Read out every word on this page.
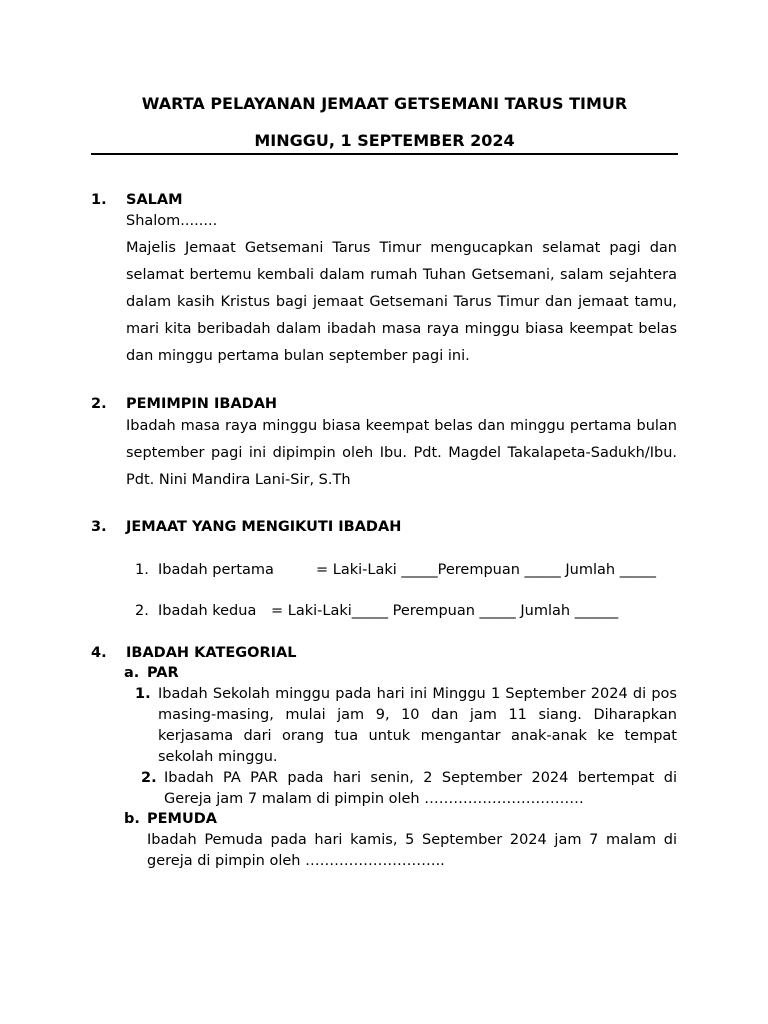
WARTA PELAYANAN JEMAAT GETSEMANI TARUS TIMUR
MINGGU, 1 SEPTEMBER 2024
1. SALAM
Shalom........

Majelis Jemaat Getsemani Tarus Timur mengucapkan selamat pagi dan selamat bertemu kembali dalam rumah Tuhan Getsemani, salam sejahtera dalam kasih Kristus bagi jemaat Getsemani Tarus Timur dan jemaat tamu, mari kita beribadah dalam ibadah masa raya minggu biasa keempat belas dan minggu pertama bulan september pagi ini.

2. PEMIMPIN IBADAH

Ibadah masa raya minggu biasa keempat belas dan minggu pertama bulan september pagi ini dipimpin oleh Ibu. Pdt. Magdel Takalapeta-Sadukh/Ibu. Pdt. Nini Mandira Lani-Sir, S.Th

3. JEMAAT YANG MENGIKUTI IBADAH
1. Ibadah pertama	= Laki-Laki _____Perempuan _____ Jumlah _____
2. Ibadah kedua = Laki-Laki_____ Perempuan _____ Jumlah ______
4. IBADAH KATEGORIAL
a. PAR
1. Ibadah Sekolah minggu pada hari ini Minggu 1 September 2024 di pos masing-masing, mulai jam 9, 10 dan jam 11 siang. Diharapkan kerjasama dari orang tua untuk mengantar anak-anak ke tempat sekolah minggu.

2. Ibadah PA PAR pada hari senin, 2 September 2024 bertempat di Gereja jam 7 malam di pimpin oleh ……………………………

b. PEMUDA

Ibadah Pemuda pada hari kamis, 5 September 2024 jam 7 malam di gereja di pimpin oleh ………………………..
